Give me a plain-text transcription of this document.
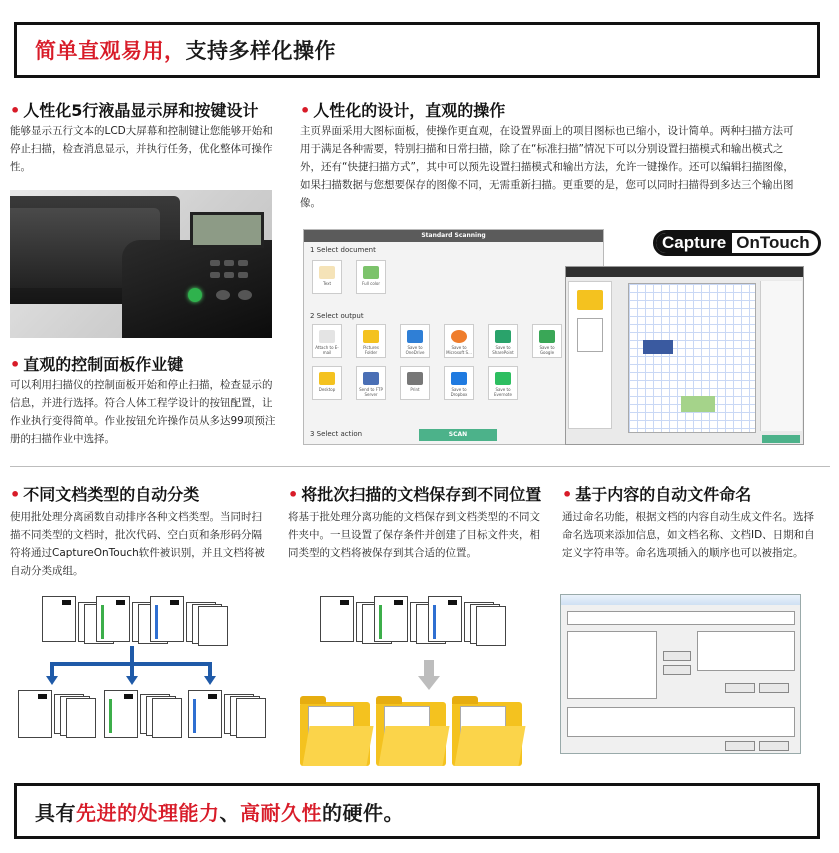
简单直观易用， 支持多样化操作
• 人性化5行液晶显示屏和按键设计
能够显示五行文本的LCD大屏幕和控制键让您能够开始和停止扫描，检查消息显示，并执行任务，优化整体可操作性。
• 直观的控制面板作业键
可以利用扫描仪的控制面板开始和停止扫描，检查显示的信息，并进行选择。符合人体工程学设计的按钮配置，让作业执行变得简单。作业按钮允许操作员从多达99项预注册的扫描作业中选择。
• 人性化的设计，直观的操作
主页界面采用大图标面板，使操作更直观，在设置界面上的项目图标也已缩小，设计简单。两种扫描方法可用于满足各种需要，特别扫描和日常扫描，除了在“标准扫描”情况下可以分别设置扫描模式和输出模式之外，还有“快捷扫描方式”，其中可以预先设置扫描模式和输出方法，允许一键操作。还可以编辑扫描图像，如果扫描数据与您想要保存的图像不同，无需重新扫描。更重要的是，您可以同时扫描得到多达三个输出图像。
Capture OnTouch
Standard Scanning
1 Select document
Text	Full color
2 Select output
Attach to E-mail
Pictures Folder
Save to OneDrive
Save to Microsoft S...
Save to SharePoint
Save to Google
Desktop	Send to FTP Server
Print	Save to Dropbox
Save to Evernote
3 Select action	SCAN
• 不同文档类型的自动分类
使用批处理分离函数自动排序各种文档类型。当同时扫描不同类型的文档时，批次代码、空白页和条形码分隔符将通过CaptureOnTouch软件被识别，并且文档将被自动分类成组。
• 将批次扫描的文档保存到不同位置
将基于批处理分离功能的文档保存到文档类型的不同文件夹中。一旦设置了保存条件并创建了目标文件夹，相同类型的文档将被保存到其合适的位置。
• 基于内容的自动文件命名
通过命名功能，根据文档的内容自动生成文件名。选择命名选项来添加信息，如文档名称、文档ID、日期和自定义字符串等。命名选项插入的顺序也可以被指定。
具有 先进的处理能力 、 高耐久性 的硬件。
